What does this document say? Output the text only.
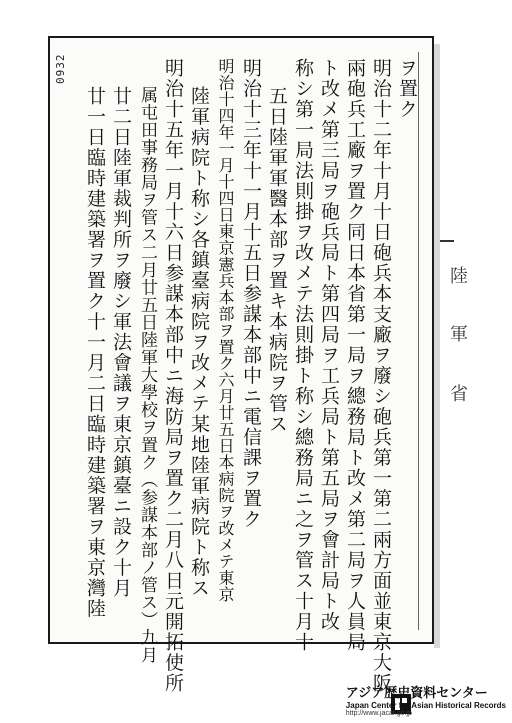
0932	ヲ置ク
明治十二年十月十日砲兵本支廠ヲ廢シ砲兵第一第二兩方面並東京大阪
兩砲兵工廠ヲ置ク同日本省第一局ヲ總務局ト改メ第二局ヲ人員局
ト改メ第三局ヲ砲兵局ト第四局ヲ工兵局ト第五局ヲ會計局ト改
称シ第一局法則掛ヲ改メテ法則掛ト称シ總務局ニ之ヲ管ス十月十
五日陸軍軍醫本部ヲ置キ本病院ヲ管ス
明治十三年十一月十五日参謀本部中ニ電信課ヲ置ク
明治十四年一月十四日東京憲兵本部ヲ置ク六月廿五日本病院ヲ改メテ東京
陸軍病院ト称シ各鎮臺病院ヲ改メテ某地陸軍病院ト称ス
明治十五年一月十六日参謀本部中ニ海防局ヲ置ク二月八日元開拓使所
属屯田事務局ヲ管ス二月廿五日陸軍大學校ヲ置ク（参謀本部ノ管ス）九月
廿二日陸軍裁判所ヲ廢シ軍法會議ヲ東京鎮臺ニ設ク十月
廿一日臨時建築署ヲ置ク十一月二日臨時建築署ヲ東京灣陸	陸
軍
省
アジア歴史資料センター
Japan Center for Asian Historical Records
http://www.jacar.go.jp
